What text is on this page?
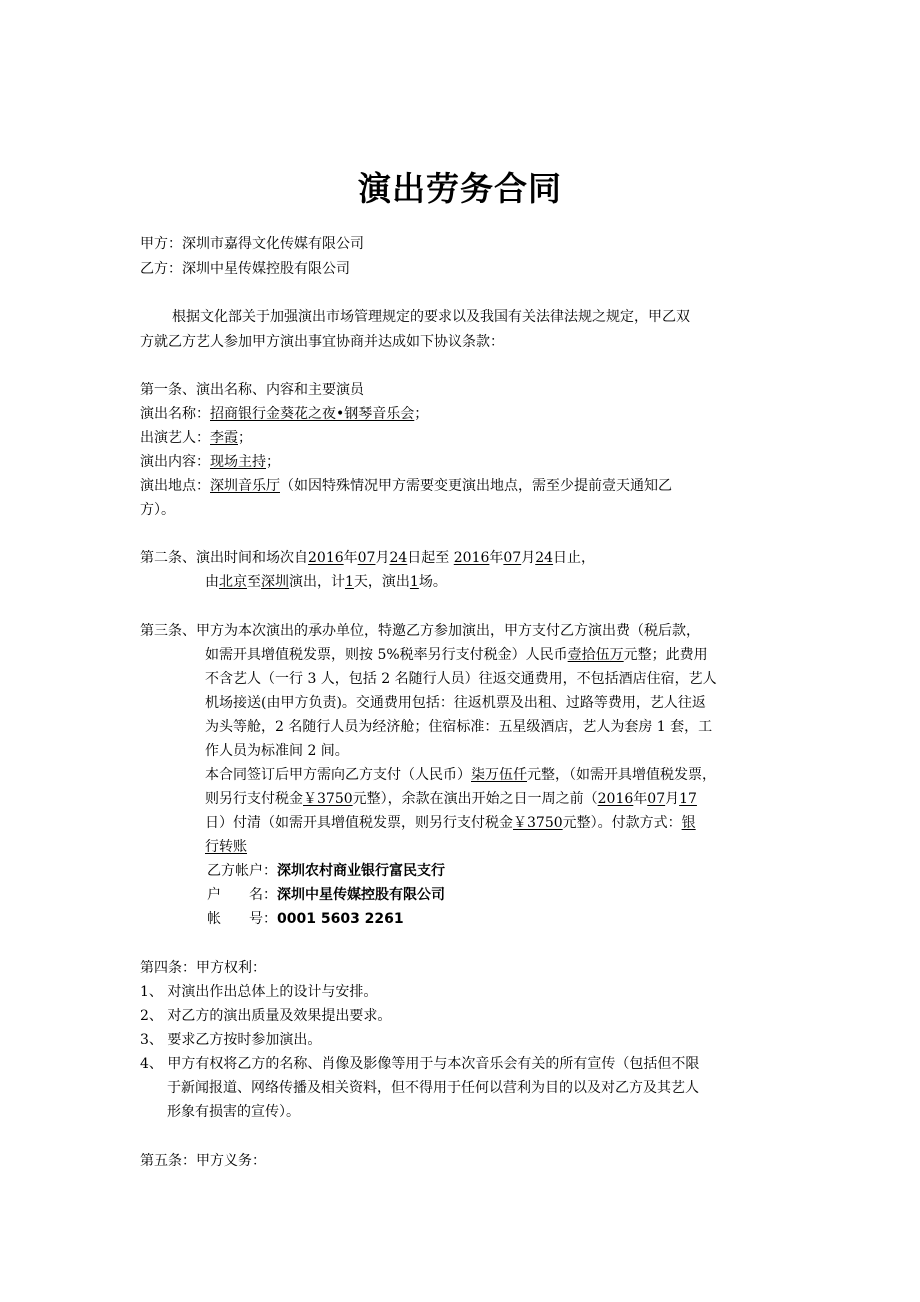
演出劳务合同
甲方：深圳市嘉得文化传媒有限公司
乙方：深圳中星传媒控股有限公司
根据文化部关于加强演出市场管理规定的要求以及我国有关法律法规之规定，甲乙双
方就乙方艺人参加甲方演出事宜协商并达成如下协议条款：
第一条、演出名称、内容和主要演员
演出名称：招商银行金葵花之夜•钢琴音乐会；
出演艺人：李霞；
演出内容：现场主持；
演出地点：深圳音乐厅（如因特殊情况甲方需要变更演出地点，需至少提前壹天通知乙
方）。
第二条、演出时间和场次自2016年07月24日起至 2016年07月24日止，
由北京至深圳演出，计1天，演出1场。
第三条、甲方为本次演出的承办单位，特邀乙方参加演出，甲方支付乙方演出费（税后款，
如需开具增值税发票，则按 5%税率另行支付税金）人民币壹拾伍万元整；此费用
不含艺人（一行 3 人，包括 2 名随行人员）往返交通费用，不包括酒店住宿，艺人
机场接送(由甲方负责)。交通费用包括：往返机票及出租、过路等费用，艺人往返
为头等舱，2 名随行人员为经济舱；住宿标准：五星级酒店，艺人为套房 1 套，工
作人员为标准间 2 间。
本合同签订后甲方需向乙方支付（人民币）柒万伍仟元整，（如需开具增值税发票，
则另行支付税金￥3750元整），余款在演出开始之日一周之前（2016年07月17
日）付清（如需开具增值税发票，则另行支付税金￥3750元整）。付款方式：银
行转账
乙方帐户：深圳农村商业银行富民支行
户　　名：深圳中星传媒控股有限公司
帐　　号：0001 5603 2261
第四条：甲方权利：
1、 对演出作出总体上的设计与安排。
2、 对乙方的演出质量及效果提出要求。
3、 要求乙方按时参加演出。
4、 甲方有权将乙方的名称、肖像及影像等用于与本次音乐会有关的所有宣传（包括但不限
于新闻报道、网络传播及相关资料，但不得用于任何以营利为目的以及对乙方及其艺人
形象有损害的宣传）。
第五条：甲方义务：
